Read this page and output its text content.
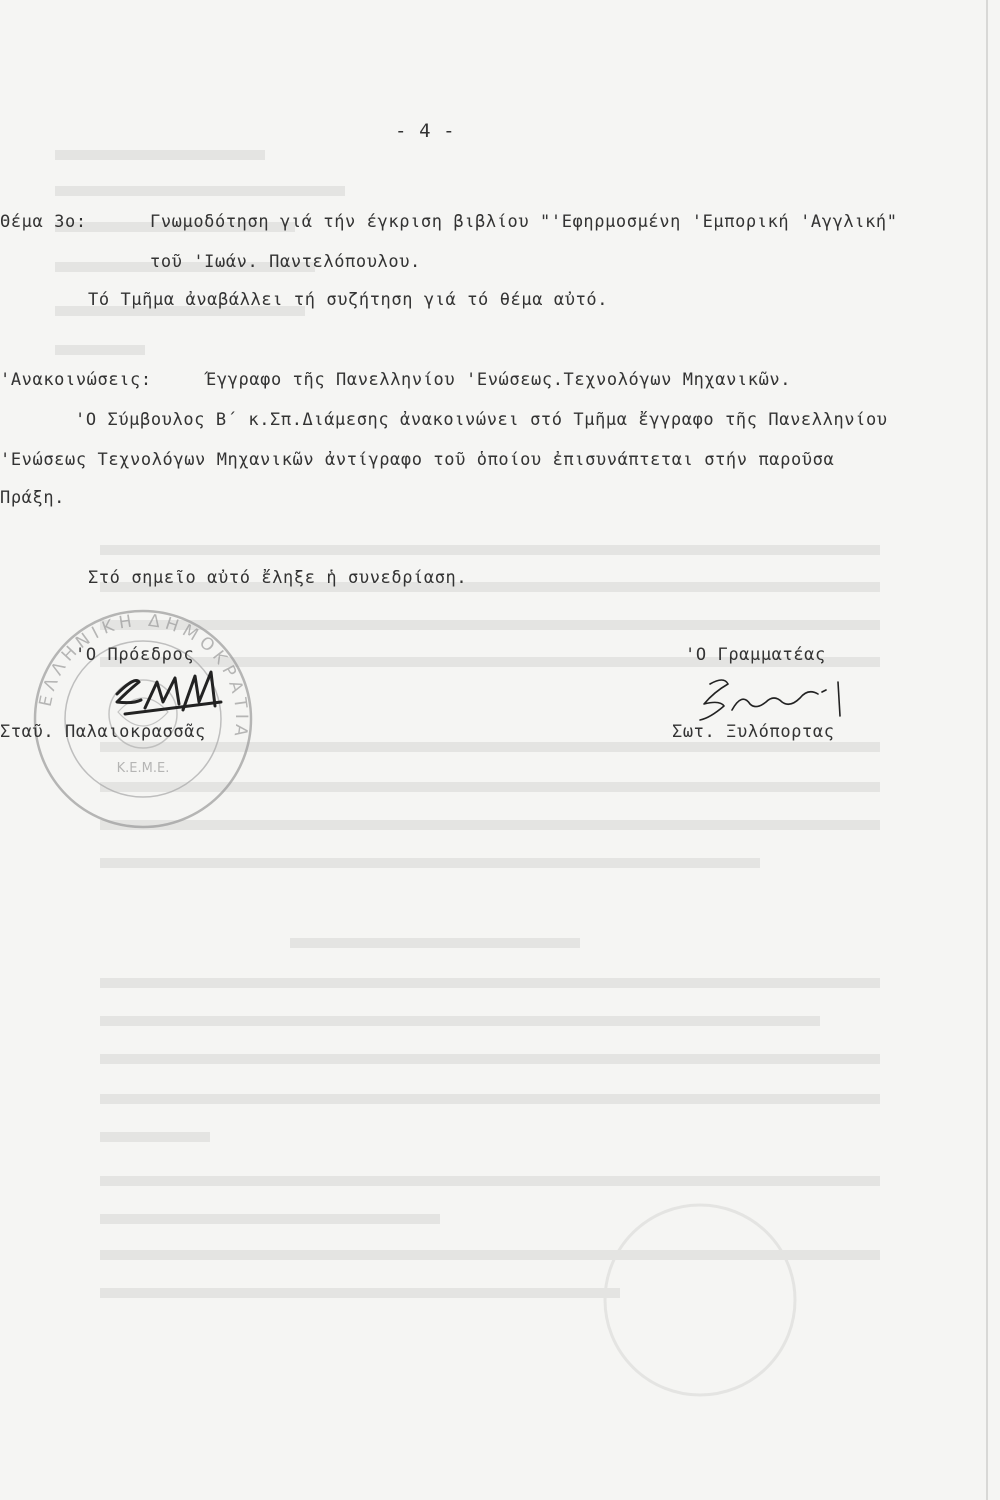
- 4 -
Θέμα 3ο:	Γνωμοδότηση γιά τήν έγκριση βιβλίου "'Εφηρμοσμένη 'Εμπορική 'Αγγλική"
τοῦ 'Ιωάν. Παντελόπουλου.
Τό Τμῆμα ἀναβάλλει τή συζήτηση γιά τό θέμα αὐτό.
'Ανακοινώσεις:	Έγγραφο τῆς Πανελληνίου 'Ενώσεως.Τεχνολόγων Μηχανικῶν.
'Ο Σύμβουλος Β΄ κ.Σπ.Διάμεσης ἀνακοινώνει στό Τμῆμα ἔγγραφο τῆς Πανελληνίου
'Ενώσεως Τεχνολόγων Μηχανικῶν ἀντίγραφο τοῦ ὁποίου ἐπισυνάπτεται στήν παροῦσα
Πράξη.
Στό σημεῖο αὐτό ἔληξε ἡ συνεδρίαση.
ΕΛΛΗΝΙΚΗ ΔΗΜΟΚΡΑΤΙΑ
Κ.Ε.Μ.Ε.
'Ο Πρόεδρος
Σταῦ. Παλαιοκρασσᾶς
'Ο Γραμματέας
Σωτ. Ξυλόπορτας
